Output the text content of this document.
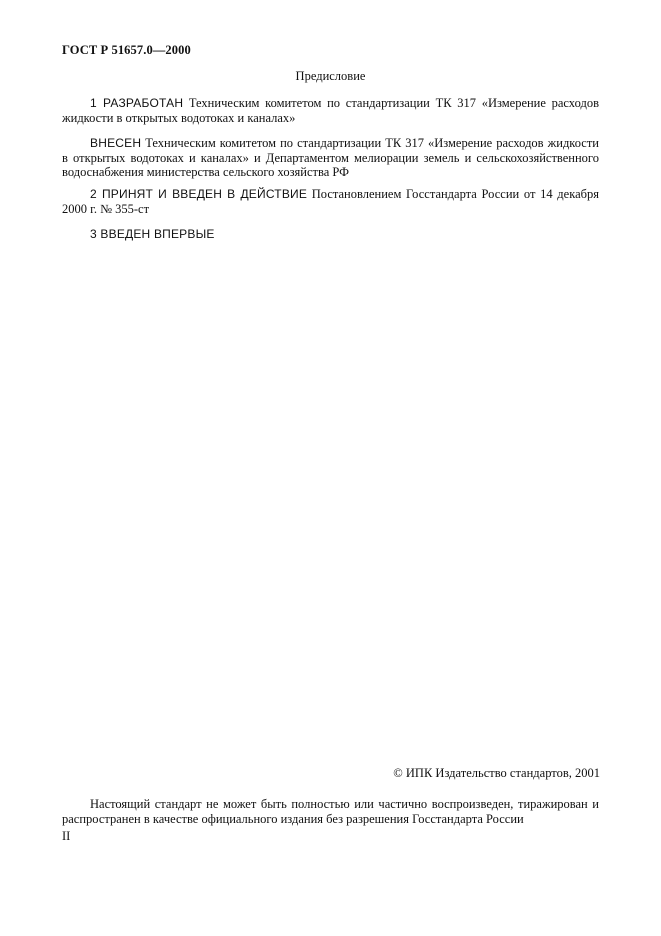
ГОСТ Р 51657.0—2000
Предисловие
1 РАЗРАБОТАН Техническим комитетом по стандартизации ТК 317 «Измерение расходов жидкости в открытых водотоках и каналах»
ВНЕСЕН Техническим комитетом по стандартизации ТК 317 «Измерение расходов жидкости в открытых водотоках и каналах» и Департаментом мелиорации земель и сельскохозяйственного водоснабжения министерства сельского хозяйства РФ
2 ПРИНЯТ И ВВЕДЕН В ДЕЙСТВИЕ Постановлением Госстандарта России от 14 декабря 2000 г. № 355-ст
3 ВВЕДЕН ВПЕРВЫЕ
© ИПК Издательство стандартов, 2001
Настоящий стандарт не может быть полностью или частично воспроизведен, тиражирован и распространен в качестве официального издания без разрешения Госстандарта России
II
